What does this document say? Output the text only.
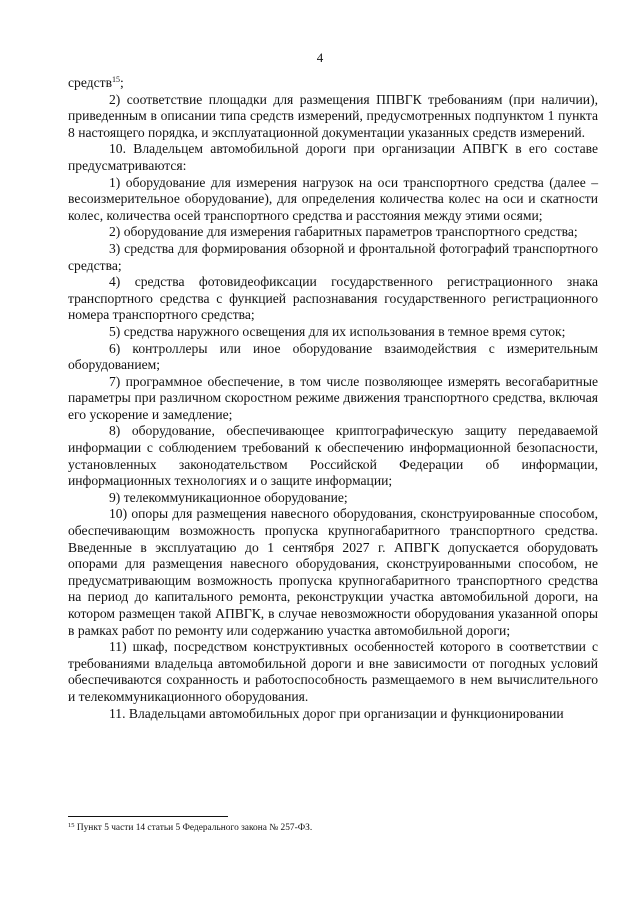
4

средств$^{15}$;

2) соответствие площадки для размещения ППВГК требованиям (при наличии), приведенным в описании типа средств измерений, предусмотренных подпунктом 1 пункта 8 настоящего порядка, и эксплуатационной документации указанных средств измерений.

10. Владельцем автомобильной дороги при организации АПВГК в его составе предусматриваются:

1) оборудование для измерения нагрузок на оси транспортного средства (далее – весоизмерительное оборудование), для определения количества колес на оси и скатности колес, количества осей транспортного средства и расстояния между этими осями;

2) оборудование для измерения габаритных параметров транспортного средства;

3) средства для формирования обзорной и фронтальной фотографий транспортного средства;

4) средства фотовидеофиксации государственного регистрационного знака транспортного средства с функцией распознавания государственного регистрационного номера транспортного средства;

5) средства наружного освещения для их использования в темное время суток;

6) контроллеры или иное оборудование взаимодействия с измерительным оборудованием;

7) программное обеспечение, в том числе позволяющее измерять весогабаритные параметры при различном скоростном режиме движения транспортного средства, включая его ускорение и замедление;

8) оборудование, обеспечивающее криптографическую защиту передаваемой информации с соблюдением требований к обеспечению информационной безопасности, установленных законодательством Российской Федерации об информации, информационных технологиях и о защите информации;

9) телекоммуникационное оборудование;

10) опоры для размещения навесного оборудования, сконструированные способом, обеспечивающим возможность пропуска крупногабаритного транспортного средства. Введенные в эксплуатацию до 1 сентября 2027 г. АПВГК допускается оборудовать опорами для размещения навесного оборудования, сконструированными способом, не предусматривающим возможность пропуска крупногабаритного транспортного средства на период до капитального ремонта, реконструкции участка автомобильной дороги, на котором размещен такой АПВГК, в случае невозможности оборудования указанной опоры в рамках работ по ремонту или содержанию участка автомобильной дороги;

11) шкаф, посредством конструктивных особенностей которого в соответствии с требованиями владельца автомобильной дороги и вне зависимости от погодных условий обеспечиваются сохранность и работоспособность размещаемого в нем вычислительного и телекоммуникационного оборудования.

11. Владельцами автомобильных дорог при организации и функционировании

$^{15}$ Пункт 5 части 14 статьи 5 Федерального закона № 257-ФЗ.
